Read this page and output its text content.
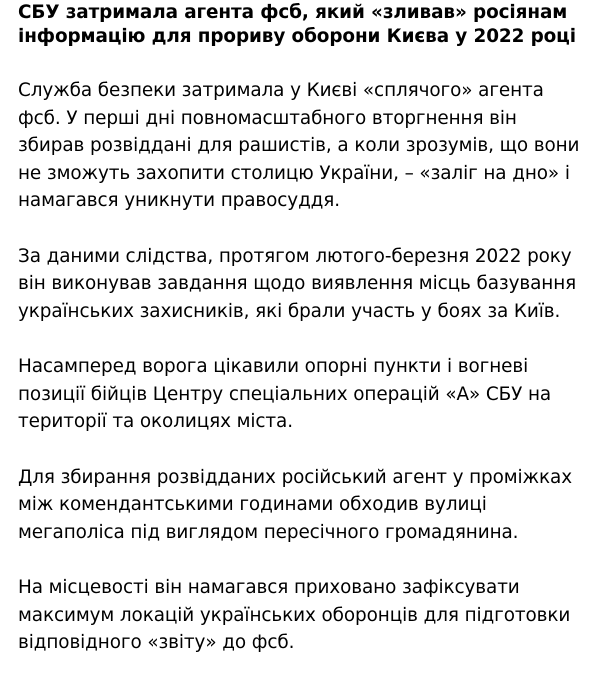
СБУ затримала агента фсб, який «зливав» росіянам інформацію для прориву оборони Києва у 2022 році

Служба безпеки затримала у Києві «сплячого» агента фсб. У перші дні повномасштабного вторгнення він збирав розвіддані для рашистів, а коли зрозумів, що вони не зможуть захопити столицю України, – «заліг на дно» і намагався уникнути правосуддя.

За даними слідства, протягом лютого-березня 2022 року він виконував завдання щодо виявлення місць базування українських захисників, які брали участь у боях за Київ.

Насамперед ворога цікавили опорні пункти і вогневі позиції бійців Центру спеціальних операцій «А» СБУ на території та околицях міста.

Для збирання розвідданих російський агент у проміжках між комендантськими годинами обходив вулиці мегаполіса під виглядом пересічного громадянина.

На місцевості він намагався приховано зафіксувати максимум локацій українських оборонців для підготовки відповідного «звіту» до фсб.
